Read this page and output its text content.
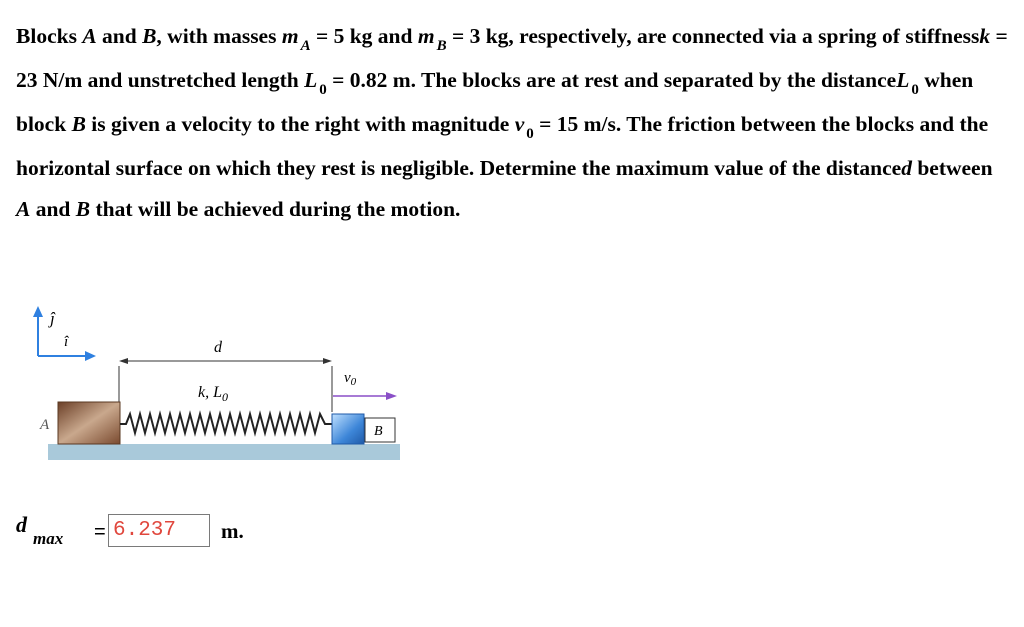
Blocks A and B, with masses m $_A$ = 5 kg and m $_B$ = 3 kg, respectively, are connected via a spring of stiffnessk = 23 N/m and unstretched length L $_0$ = 0.82 m. The blocks are at rest and separated by the distanceL $_0$ when block B is given a velocity to the right with magnitude v $_0$ = 15 m/s. The friction between the blocks and the horizontal surface on which they rest is negligible. Determine the maximum value of the distanced between A and B that will be achieved during the motion.
ĵ
î	d
k, $L_0$
$v_0$
A	B
d
max =
6.237	m.
